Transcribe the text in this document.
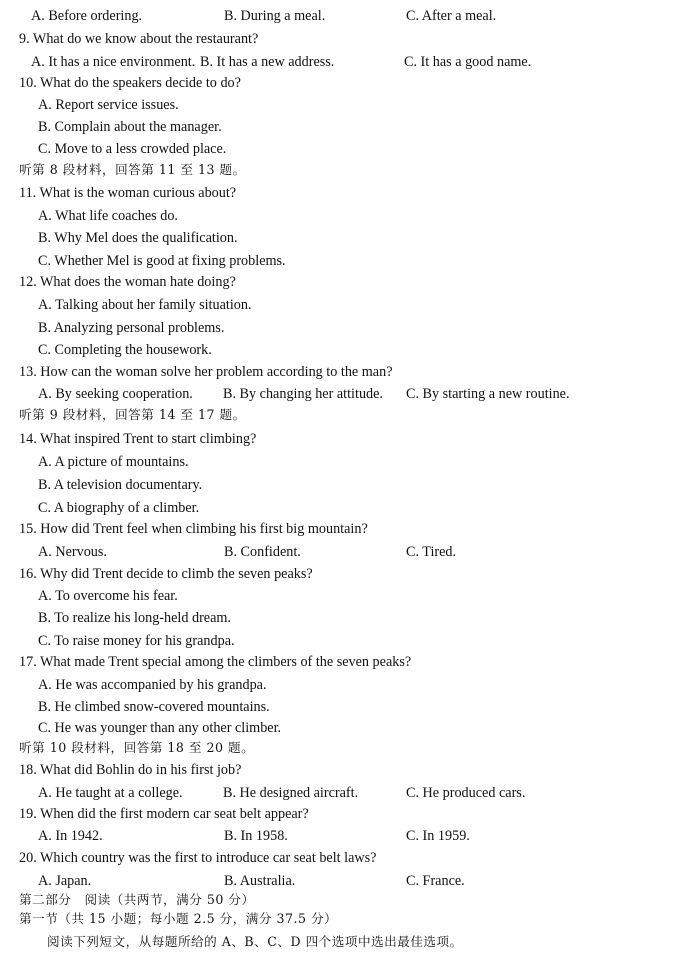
A. Before ordering.	B. During a meal.	C. After a meal.
9. What do we know about the restaurant?
A. It has a nice environment. B. It has a new address.	C. It has a good name.
10. What do the speakers decide to do?
A. Report service issues.
B. Complain about the manager.
C. Move to a less crowded place.
听第 8 段材料，回答第 11 至 13 题。
11. What is the woman curious about?
A. What life coaches do.
B. Why Mel does the qualification.
C. Whether Mel is good at fixing problems.
12. What does the woman hate doing?
A. Talking about her family situation.
B. Analyzing personal problems.
C. Completing the housework.
13. How can the woman solve her problem according to the man?
A. By seeking cooperation. B. By changing her attitude. C. By starting a new routine.
听第 9 段材料，回答第 14 至 17 题。
14. What inspired Trent to start climbing?
A. A picture of mountains.
B. A television documentary.
C. A biography of a climber.
15. How did Trent feel when climbing his first big mountain?
A. Nervous.	B. Confident.	C. Tired.
16. Why did Trent decide to climb the seven peaks?
A. To overcome his fear.
B. To realize his long-held dream.
C. To raise money for his grandpa.
17. What made Trent special among the climbers of the seven peaks?
A. He was accompanied by his grandpa.
B. He climbed snow-covered mountains.
C. He was younger than any other climber.
听第 10 段材料，回答第 18 至 20 题。
18. What did Bohlin do in his first job?
A. He taught at a college.	B. He designed aircraft.	C. He produced cars.
19. When did the first modern car seat belt appear?
A. In 1942.	B. In 1958.	C. In 1959.
20. Which country was the first to introduce car seat belt laws?
A. Japan.	B. Australia.	C. France.
第二部分　阅读（共两节，满分 50 分）
第一节（共 15 小题；每小题 2.5 分，满分 37.5 分）
阅读下列短文，从每题所给的 A、B、C、D 四个选项中选出最佳选项。
